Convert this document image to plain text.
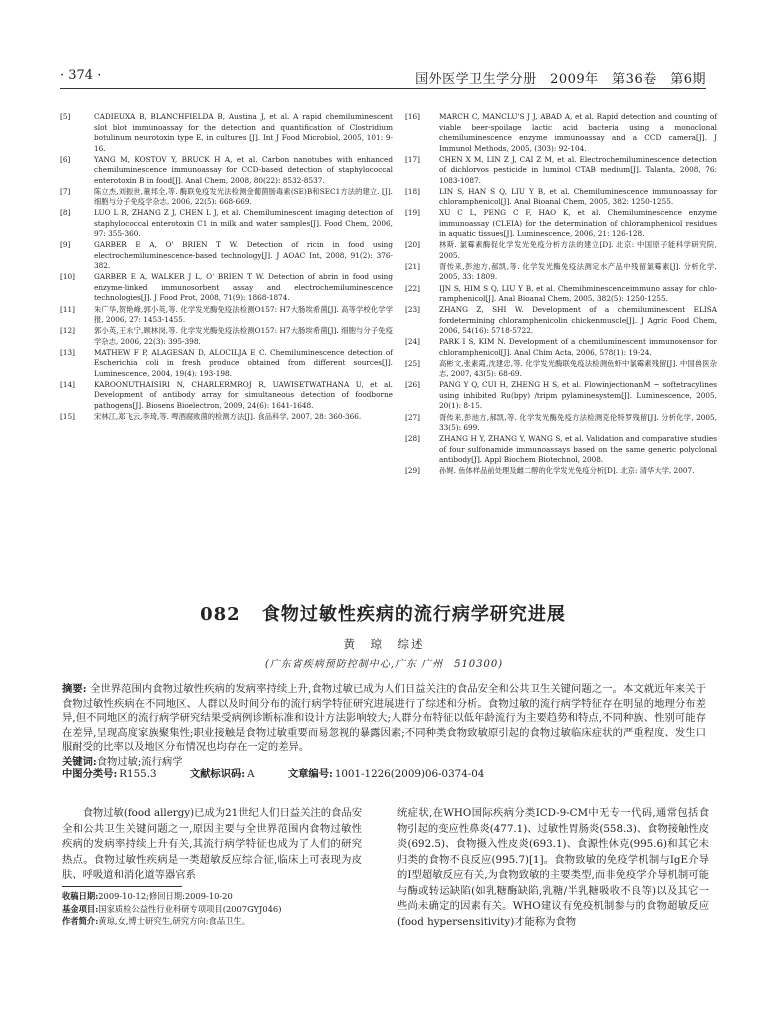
· 374 ·	国外医学卫生学分册　2009年　第36卷　第6期
[5]	CADIEUXA B, BLANCHFIELDA B, Austina J, et al. A rapid chemiluminescent slot blot immunoassay for the detection and quantification of Clostridium botulinum neurotoxin type E, in cultures [J]. Int J Food Microbiol, 2005, 101: 9-16.
[6]	YANG M, KOSTOV Y, BRUCK H A, et al. Carbon nanotubes with enhanced chemiluminescence immunoassay for CCD-based detection of staphylococcal enterotoxin B in food[J]. Anal Chem, 2008, 80(22): 8532-8537.
[7]	陈立杰,刘振世,董邦全,等. 酶联免疫发光法检测金葡菌肠毒素(SE)B和SEC1方法的建立. [J]. 细胞与分子免疫学杂志, 2006, 22(5): 668-669.
[8]	LUO L R, ZHANG Z J, CHEN L J, et al. Chemiluminescent imaging detection of staphylococcal enterotoxin C1 in milk and water samples[J]. Food Chem, 2006, 97: 355-360.
[9]	GARBER E A, O' BRIEN T W. Detection of ricin in food using electrochemiluminescence-based technology[J]. J AOAC Int, 2008, 91(2): 376-382.
[10]	GARBER E A, WALKER J L, O' BRIEN T W. Detection of abrin in food using enzyme-linked immunosorbent assay and electrochemiluminescence technologies[J]. J Food Prot, 2008, 71(9): 1868-1874.
[11]	朱广华,贺艳峰,郭小英,等. 化学发光酶免疫法检测O157: H7大肠埃希菌[J]. 高等学校化学学报, 2006, 27: 1453-1455.
[12]	郭小英,王永宁,顾林岗,等. 化学发光酶免疫法检测O157: H7大肠埃希菌[J]. 细胞与分子免疫学杂志, 2006, 22(3): 395-398.
[13]	MATHEW F P, ALAGESAN D, ALOCILJA E C. Chemiluminescence detection of Escherichia coli in fresh produce obtained from different sources[J]. Luminescence, 2004, 19(4): 193-198.
[14]	KAROONUTHAISIRI N, CHARLERMROJ R, UAWISETWATHANA U, et al. Development of antibody array for simultaneous detection of foodborne pathogens[J]. Biosens Bioelectron, 2009, 24(6): 1641-1648.
[15]	宋林江,郑飞云,李琦,等. 啤酒腐败菌的检测方法[J]. 食品科学, 2007, 28: 360-366.
[16]	MARCH C, MANCLU'S J J, ABAD A, et al. Rapid detection and counting of viable beer-spoilage lactic acid bacteria using a monoclonal chemiluminescence enzyme immunoassay and a CCD camera[J]. J Immunol Methods, 2005, (303): 92-104.
[17]	CHEN X M, LIN Z J, CAI Z M, et al. Electrochemiluminescence detection of dichlorvos pesticide in luminol CTAB medium[J]. Talanta, 2008, 76: 1083-1087.
[18]	LIN S, HAN S Q, LIU Y B, et al. Chemiluminescence immunoassay for chloramphenicol[J]. Anal Bioanal Chem, 2005, 382: 1250-1255.
[19]	XU C L, PENG C F, HAO K, et al. Chemiluminescence enzyme immunoassay (CLEIA) for the determination of chloramphenicol residues in aquatic tissues[J]. Luminescence, 2006, 21: 126-128.
[20]	林斯. 氯霉素酶促化学发光免疫分析方法的建立[D]. 北京: 中国原子能科学研究院, 2005.
[21]	胥传来,彭池方,郝凯,等. 化学发光酶免疫法测定水产品中残留氯霉素[J]. 分析化学, 2005, 33: 1809.
[22]	IJN S, HIM S Q, LIU Y B, et al. Chemihminescenceimmuno assay for chlo-ramphenicol[J]. Anal Bioanal Chem, 2005, 382(5): 1250-1255.
[23]	ZHANG Z, SHI W. Development of a chemiluminescent ELISA fordetermining chloramphenicolin chickenmuscle[J]. J Agric Food Chem, 2006, 54(16): 5718-5722.
[24]	PARK I S, KIM N. Development of a chemiluminescent immunosensor for chloramphenicol[J]. Anal Chim Acta, 2006, 578(1): 19-24.
[25]	高彬文,张素霞,沈建忠,等. 化学发光酶联免疫法检测鱼虾中氯霉素残留[J]. 中国兽医杂志, 2007, 43(5): 68-69.
[26]	PANG Y Q, CUI H, ZHENG H S, et al. FlowinjectionanM ~ softetracylines using inhibited Ru(bpy) /tripm pylaminesystem[J]. Luminescence, 2005, 20(1): 8-15.
[27]	胥传来,彭池方,郝凯,等. 化学发光酶免疫方法检测克伦特罗残留[J]. 分析化学, 2005, 33(5): 699.
[28]	ZHANG H Y, ZHANG Y, WANG S, et al. Validation and comparative studies of four sulfonamide immunoassays based on the same generic polyclonal antibody[J]. Appl Biochem Biotechnol, 2008.
[29]	孙娓. 鱼体样品前处理及雌二醇的化学发光免疫分析[D]. 北京: 清华大学, 2007.
082 食物过敏性疾病的流行病学研究进展
黄　琼　综述
(广东省疾病预防控制中心,广东 广州　510300)
摘要: 全世界范围内食物过敏性疾病的发病率持续上升,食物过敏已成为人们日益关注的食品安全和公共卫生关键问题之一。本文就近年来关于食物过敏性疾病在不同地区、人群以及时间分布的流行病学特征研究进展进行了综述和分析。食物过敏的流行病学特征存在明显的地理分布差异,但不同地区的流行病学研究结果受病例诊断标准和设计方法影响较大;人群分布特征以低年龄流行为主要趋势和特点,不同种族、性别可能存在差异,呈现高度家族聚集性;职业接触是食物过敏重要而易忽视的暴露因素;不同种类食物致敏原引起的食物过敏临床症状的严重程度、发生口服耐受的比率以及地区分布情况也均存在一定的差异。
关键词:食物过敏;流行病学
中图分类号: R155.3	文献标识码: A	文章编号: 1001-1226(2009)06-0374-04
食物过敏(food allergy)已成为21世纪人们日益关注的食品安全和公共卫生关键问题之一,原因主要与全世界范围内食物过敏性疾病的发病率持续上升有关,其流行病学特征也成为了人们的研究热点。食物过敏性疾病是一类超敏反应综合征,临床上可表现为皮肤、呼吸道和消化道等器官系
统症状,在WHO国际疾病分类ICD-9-CM中无专一代码,通常包括食物引起的变应性鼻炎(477.1)、过敏性胃肠炎(558.3)、食物接触性皮炎(692.5)、食物摄入性皮炎(693.1)、食源性休克(995.6)和其它未归类的食物不良反应(995.7)[1]。食物致敏的免疫学机制与IgE介导的Ⅰ型超敏反应有关,为食物致敏的主要类型,而非免疫学介导机制可能与酶或转运缺陷(如乳糖酶缺陷,乳糖/半乳糖吸收不良等)以及其它一些尚未确定的因素有关。WHO建议有免疫机制参与的食物超敏反应(food hypersensitivity)才能称为食物
收稿日期:2009-10-12;修回日期:2009-10-20
基金项目:国家质检公益性行业科研专项项目(2007GYJ046)
作者简介:黄琼,女,博士研究生,研究方向:食品卫生。
